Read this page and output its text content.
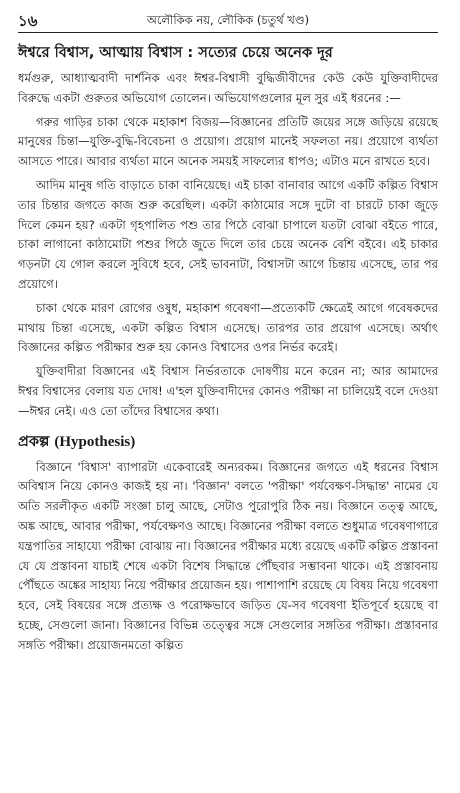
১৬	অলৌকিক নয়, লৌকিক (চতুর্থ খণ্ড)
ঈশ্বরে বিশ্বাস, আত্মায় বিশ্বাস : সত্যের চেয়ে অনেক দূর

ধর্মগুরু, আধ্যাত্মবাদী দার্শনিক এবং ঈশ্বর-বিশ্বাসী বুদ্ধিজীবীদের কেউ কেউ যুক্তিবাদীদের বিরুদ্ধে একটা গুরুতর অভিযোগ তোলেন। অভিযোগগুলোর মূল সুর এই ধরনের :—

গরুর গাড়ির চাকা থেকে মহাকাশ বিজয়—বিজ্ঞানের প্রতিটি জয়ের সঙ্গে জড়িয়ে রয়েছে মানুষের চিন্তা—যুক্তি-বুদ্ধি-বিবেচনা ও প্রয়োগ। প্রয়োগ মানেই সফলতা নয়। প্রয়োগে ব্যর্থতা আসতে পারে। আবার ব্যর্থতা মানে অনেক সময়ই সাফল্যের ধাপও; এটাও মনে রাখতে হবে।

আদিম মানুষ গতি বাড়াতে চাকা বানিয়েছে। এই চাকা বানাবার আগে একটি কল্পিত বিশ্বাস তার চিন্তার জগতে কাজ শুরু করেছিল। একটা কাঠামোর সঙ্গে দুটো বা চারটে চাকা জুড়ে দিলে কেমন হয়? একটা গৃহপালিত পশু তার পিঠে বোঝা চাপালে যতটা বোঝা বইতে পারে, চাকা লাগানো কাঠামোটা পশুর পিঠে জুতে দিলে তার চেয়ে অনেক বেশি বইবে। এই চাকার গড়নটা যে গোল করলে সুবিধে হবে, সেই ভাবনাটা, বিশ্বাসটা আগে চিন্তায় এসেছে, তার পর প্রয়োগে।

চাকা থেকে মারণ রোগের ওষুধ, মহাকাশ গবেষণা—প্রত্যেকটি ক্ষেত্রেই আগে গবেষকদের মাথায় চিন্তা এসেছে, একটা কল্পিত বিশ্বাস এসেছে। তারপর তার প্রয়োগ এসেছে। অর্থাৎ বিজ্ঞানের কল্পিত পরীক্ষার শুরু হয় কোনও বিশ্বাসের ওপর নির্ভর করেই।

যুক্তিবাদীরা বিজ্ঞানের এই বিশ্বাস নির্ভরতাকে দোষণীয় মনে করেন না; আর আমাদের ঈশ্বর বিশ্বাসের বেলায় যত দোষ! এ'হল যুক্তিবাদীদের কোনও পরীক্ষা না চালিয়েই বলে দেওয়া—ঈশ্বর নেই। এও তো তাঁদের বিশ্বাসের কথা।

প্রকল্প (Hypothesis)

বিজ্ঞানে 'বিশ্বাস' ব্যাপারটা একেবারেই অন্যরকম। বিজ্ঞানের জগতে এই ধরনের বিশ্বাস অবিশ্বাস নিয়ে কোনও কাজই হয় না। 'বিজ্ঞান' বলতে 'পরীক্ষা' পর্যবেক্ষণ-সিদ্ধান্ত' নামের যে অতি সরলীকৃত একটি সংজ্ঞা চালু আছে, সেটাও পুরোপুরি ঠিক নয়। বিজ্ঞানে তত্ত্ব আছে, অঙ্ক আছে, আবার পরীক্ষা, পর্যবেক্ষণও আছে। বিজ্ঞানের পরীক্ষা বলতে শুধুমাত্র গবেষণাগারে যন্ত্রপাতির সাহায্যে পরীক্ষা বোঝায় না। বিজ্ঞানের পরীক্ষার মধ্যে রয়েছে একটি কল্পিত প্রস্তাবনা যে যে প্রস্তাবনা যাচাই শেষে একটা বিশেষ সিদ্ধান্তে পৌঁছবার সম্ভাবনা থাকে। এই প্রস্তাবনায় পৌঁছতে অঙ্কের সাহায্য নিয়ে পরীক্ষার প্রয়োজন হয়। পাশাপাশি রয়েছে যে বিষয় নিয়ে গবেষণা হবে, সেই বিষয়ের সঙ্গে প্রত্যক্ষ ও পরোক্ষভাবে জড়িত যে-সব গবেষণা ইতিপূর্বে হয়েছে বা হচ্ছে, সেগুলো জানা। বিজ্ঞানের বিভিন্ন তত্ত্বের সঙ্গে সেগুলোর সঙ্গতির পরীক্ষা। প্রস্তাবনার সঙ্গতি পরীক্ষা। প্রয়োজনমতো কল্পিত
